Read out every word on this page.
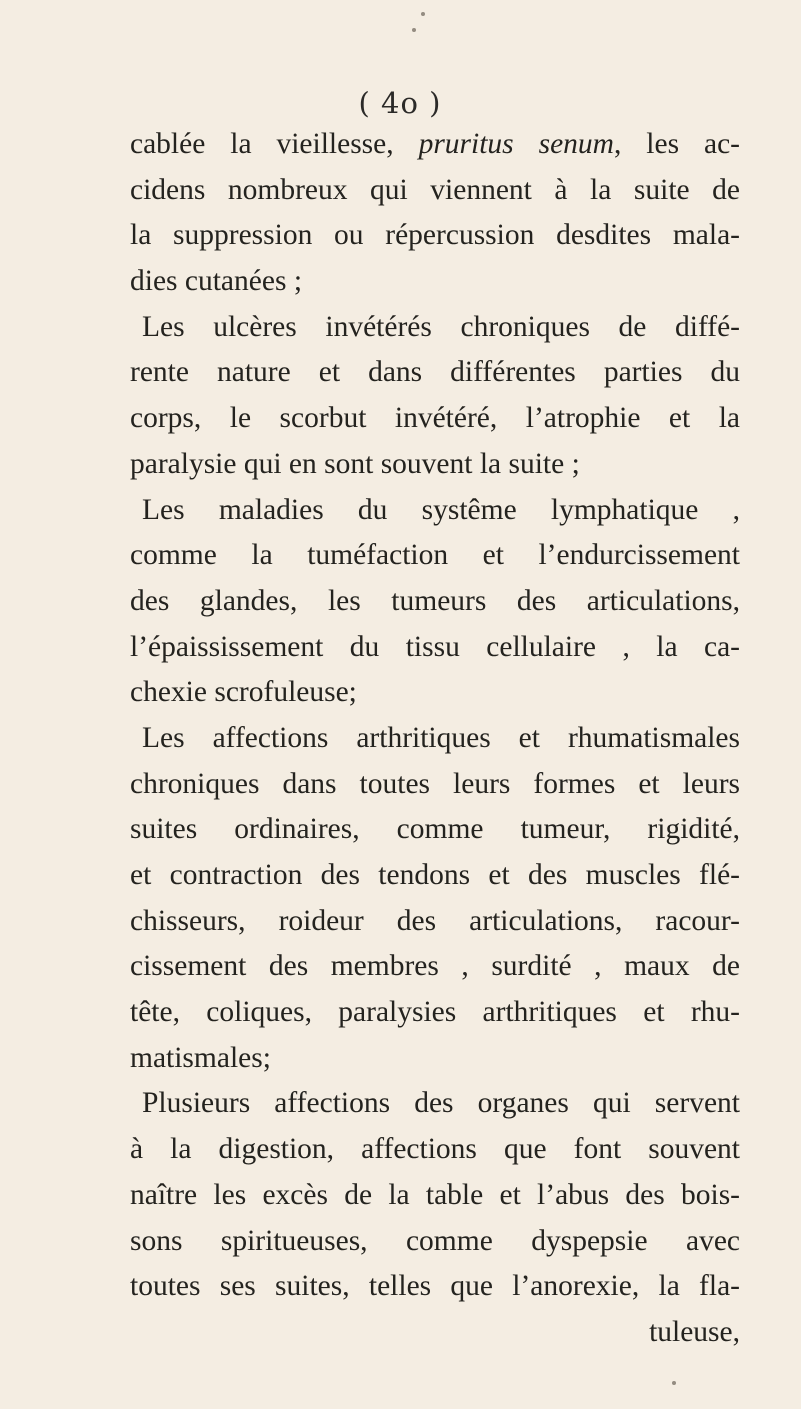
( 4o )
cablée la vieillesse, pruritus senum, les ac-
cidens nombreux qui viennent à la suite de
la suppression ou répercussion desdites mala-
dies cutanées ;
Les ulcères invétérés chroniques de diffé-
rente nature et dans différentes parties du
corps, le scorbut invétéré, l’atrophie et la
paralysie qui en sont souvent la suite ;
Les maladies du systême lymphatique ,
comme la tuméfaction et l’endurcissement
des glandes, les tumeurs des articulations,
l’épaississement du tissu cellulaire , la ca-
chexie scrofuleuse;
Les affections arthritiques et rhumatismales
chroniques dans toutes leurs formes et leurs
suites ordinaires, comme tumeur, rigidité,
et contraction des tendons et des muscles flé-
chisseurs, roideur des articulations, racour-
cissement des membres , surdité , maux de
tête, coliques, paralysies arthritiques et rhu-
matismales;
Plusieurs affections des organes qui servent
à la digestion, affections que font souvent
naître les excès de la table et l’abus des bois-
sons spiritueuses, comme dyspepsie avec
toutes ses suites, telles que l’anorexie, la fla-
tuleuse,
